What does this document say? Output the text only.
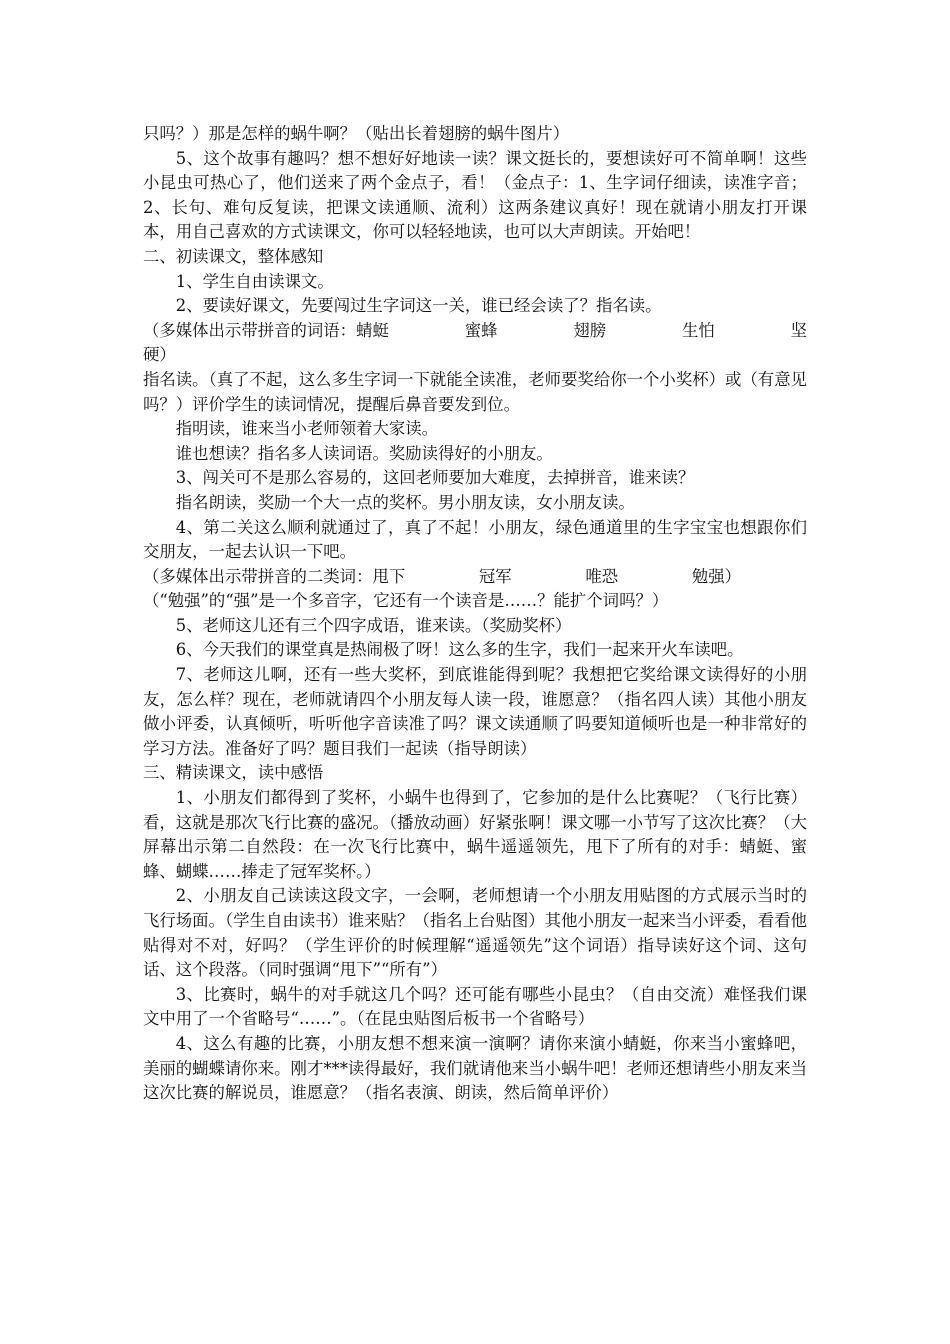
只吗？）那是怎样的蜗牛啊？（贴出长着翅膀的蜗牛图片）

5、这个故事有趣吗？想不想好好地读一读？课文挺长的，要想读好可不简单啊！这些小昆虫可热心了，他们送来了两个金点子，看！（金点子：1、生字词仔细读，读准字音；2、长句、难句反复读，把课文读通顺、流利）这两条建议真好！现在就请小朋友打开课本，用自己喜欢的方式读课文，你可以轻轻地读，也可以大声朗读。开始吧！

二、初读课文，整体感知

1、学生自由读课文。

2、要读好课文，先要闯过生字词这一关，谁已经会读了？指名读。

（多媒体出示带拼音的词语：蜻蜓	蜜蜂	翅膀	生怕	坚

硬）

指名读。（真了不起，这么多生字词一下就能全读准，老师要奖给你一个小奖杯）或（有意见吗？）评价学生的读词情况，提醒后鼻音要发到位。

指明读，谁来当小老师领着大家读。

谁也想读？指名多人读词语。奖励读得好的小朋友。

3、闯关可不是那么容易的，这回老师要加大难度，去掉拼音，谁来读？

指名朗读，奖励一个大一点的奖杯。男小朋友读，女小朋友读。

4、第二关这么顺利就通过了，真了不起！小朋友，绿色通道里的生字宝宝也想跟你们交朋友，一起去认识一下吧。

（多媒体出示带拼音的二类词：甩下	冠军	唯恐	勉强）

（“勉强”的“强”是一个多音字，它还有一个读音是……？能扩个词吗？）

5、老师这儿还有三个四字成语，谁来读。（奖励奖杯）

6、今天我们的课堂真是热闹极了呀！这么多的生字，我们一起来开火车读吧。

7、老师这儿啊，还有一些大奖杯，到底谁能得到呢？我想把它奖给课文读得好的小朋友，怎么样？现在，老师就请四个小朋友每人读一段，谁愿意？（指名四人读）其他小朋友做小评委，认真倾听，听听他字音读准了吗？课文读通顺了吗要知道倾听也是一种非常好的学习方法。准备好了吗？题目我们一起读（指导朗读）

三、精读课文，读中感悟

1、小朋友们都得到了奖杯，小蜗牛也得到了，它参加的是什么比赛呢？（飞行比赛）看，这就是那次飞行比赛的盛况。（播放动画）好紧张啊！课文哪一小节写了这次比赛？（大屏幕出示第二自然段：在一次飞行比赛中，蜗牛遥遥领先，甩下了所有的对手：蜻蜓、蜜蜂、蝴蝶……捧走了冠军奖杯。）

2、小朋友自己读读这段文字，一会啊，老师想请一个小朋友用贴图的方式展示当时的飞行场面。（学生自由读书）谁来贴？（指名上台贴图）其他小朋友一起来当小评委，看看他贴得对不对，好吗？（学生评价的时候理解“遥遥领先”这个词语）指导读好这个词、这句话、这个段落。（同时强调“甩下”“所有”）

3、比赛时，蜗牛的对手就这几个吗？还可能有哪些小昆虫？（自由交流）难怪我们课文中用了一个省略号“……”。（在昆虫贴图后板书一个省略号）

4、这么有趣的比赛，小朋友想不想来演一演啊？请你来演小蜻蜓，你来当小蜜蜂吧，美丽的蝴蝶请你来。刚才***读得最好，我们就请他来当小蜗牛吧！老师还想请些小朋友来当这次比赛的解说员，谁愿意？（指名表演、朗读，然后简单评价）
